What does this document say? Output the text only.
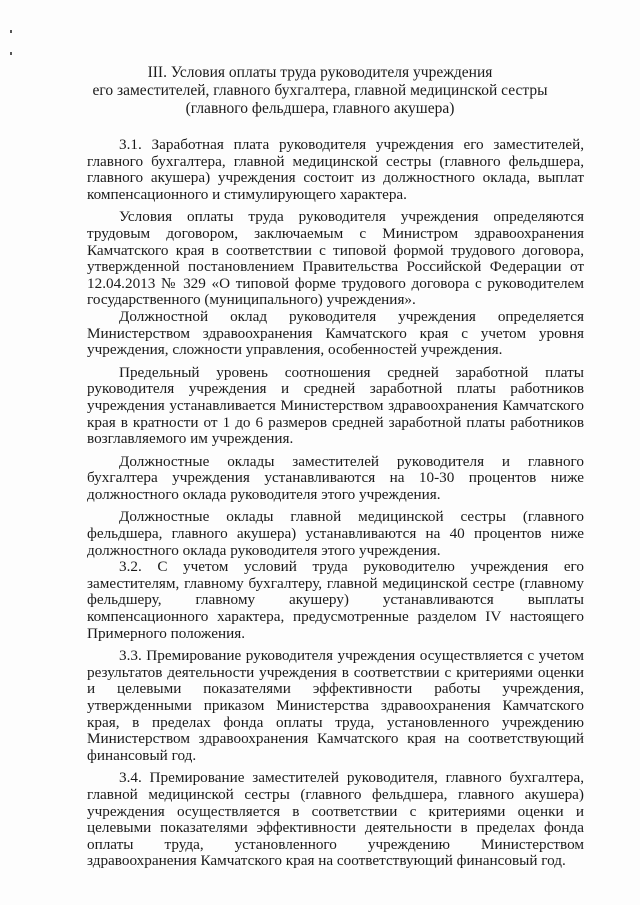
III. Условия оплаты труда руководителя учреждения
его заместителей, главного бухгалтера, главной медицинской сестры
(главного фельдшера, главного акушера)

3.1. Заработная плата руководителя учреждения его заместителей, главного бухгалтера, главной медицинской сестры (главного фельдшера, главного акушера) учреждения состоит из должностного оклада, выплат компенсационного и стимулирующего характера.

Условия оплаты труда руководителя учреждения определяются трудовым договором, заключаемым с Министром здравоохранения Камчатского края в соответствии с типовой формой трудового договора, утвержденной постановлением Правительства Российской Федерации от 12.04.2013 № 329 «О типовой форме трудового договора с руководителем государственного (муниципального) учреждения».

Должностной оклад руководителя учреждения определяется Министерством здравоохранения Камчатского края с учетом уровня учреждения, сложности управления, особенностей учреждения.

Предельный уровень соотношения средней заработной платы руководителя учреждения и средней заработной платы работников учреждения устанавливается Министерством здравоохранения Камчатского края в кратности от 1 до 6 размеров средней заработной платы работников возглавляемого им учреждения.

Должностные оклады заместителей руководителя и главного бухгалтера учреждения устанавливаются на 10-30 процентов ниже должностного оклада руководителя этого учреждения.

Должностные оклады главной медицинской сестры (главного фельдшера, главного акушера) устанавливаются на 40 процентов ниже должностного оклада руководителя этого учреждения.

3.2. С учетом условий труда руководителю учреждения его заместителям, главному бухгалтеру, главной медицинской сестре (главному фельдшеру, главному акушеру) устанавливаются выплаты компенсационного характера, предусмотренные разделом IV настоящего Примерного положения.

3.3. Премирование руководителя учреждения осуществляется с учетом результатов деятельности учреждения в соответствии с критериями оценки и целевыми показателями эффективности работы учреждения, утвержденными приказом Министерства здравоохранения Камчатского края, в пределах фонда оплаты труда, установленного учреждению Министерством здравоохранения Камчатского края на соответствующий финансовый год.

3.4. Премирование заместителей руководителя, главного бухгалтера, главной медицинской сестры (главного фельдшера, главного акушера) учреждения осуществляется в соответствии с критериями оценки и целевыми показателями эффективности деятельности в пределах фонда оплаты труда, установленного учреждению Министерством здравоохранения Камчатского края на соответствующий финансовый год.
